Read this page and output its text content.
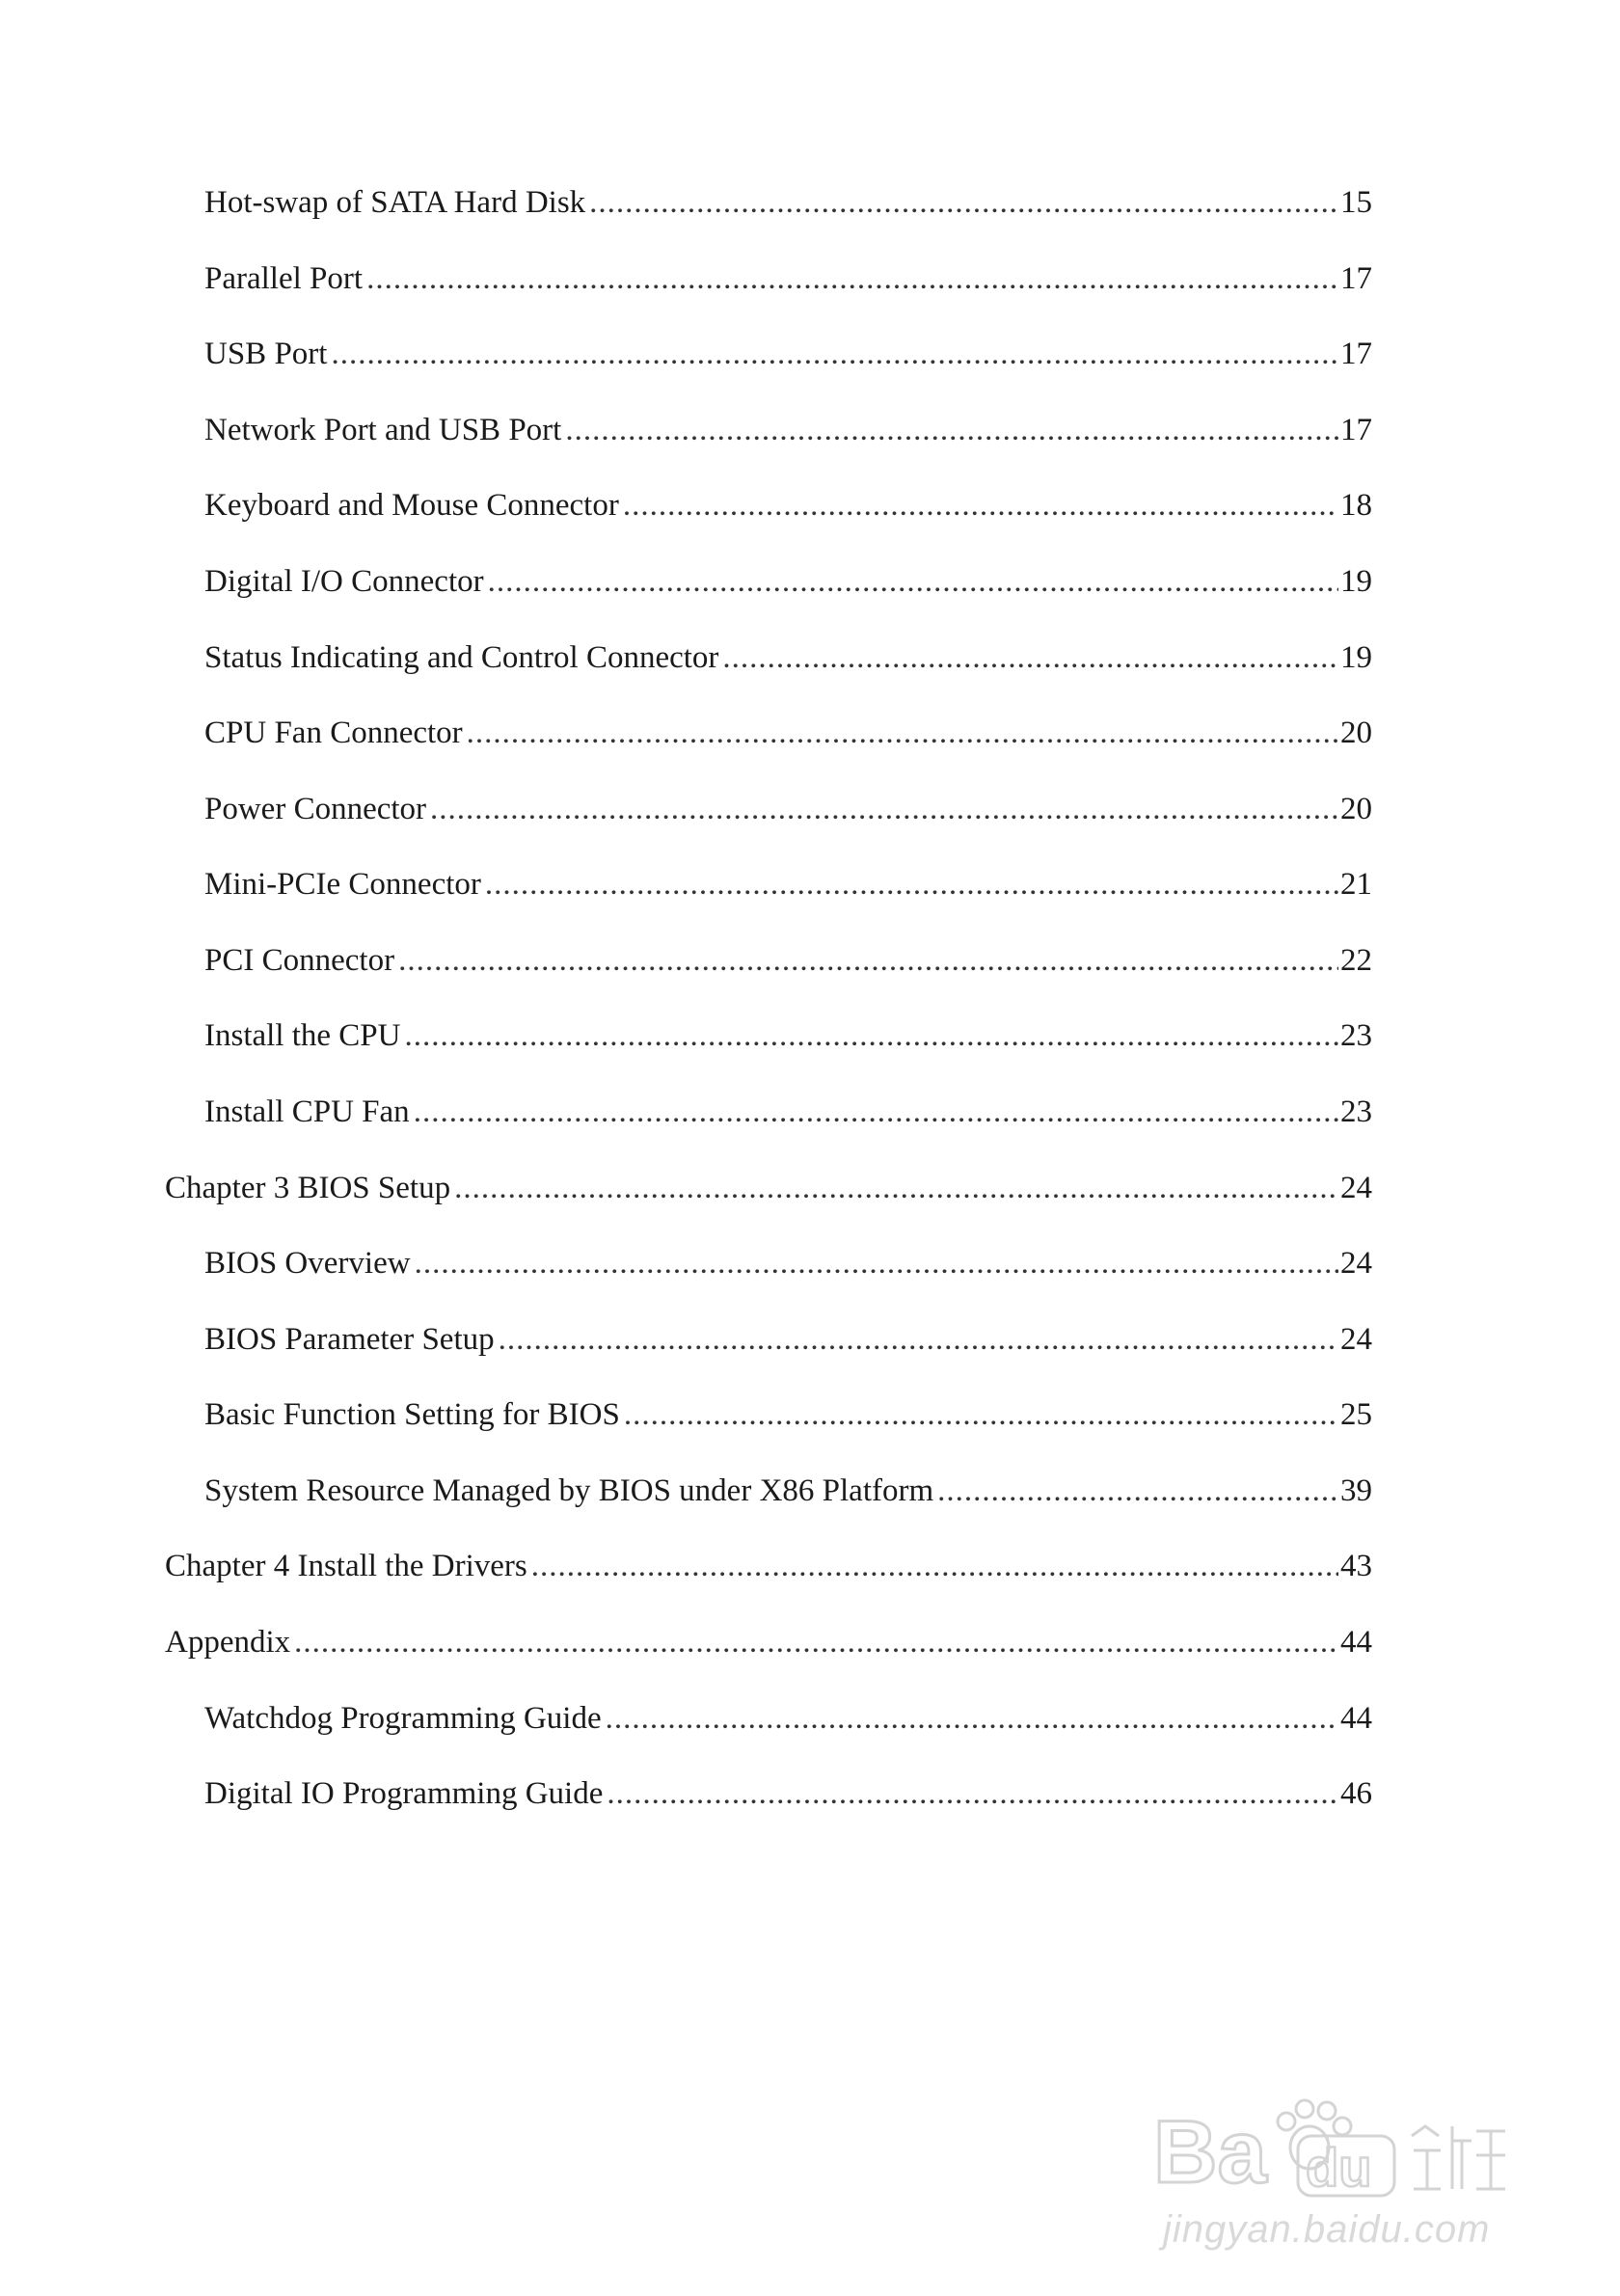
Hot-swap of SATA Hard Disk .....	15
Parallel Port .....	17
USB Port .....	17
Network Port and USB Port .....	17
Keyboard and Mouse Connector .....	18
Digital I/O Connector .....	19
Status Indicating and Control Connector .....	19
CPU Fan Connector .....	20
Power Connector .....	20
Mini-PCIe Connector .....	21
PCI Connector .....	22
Install the CPU .....	23
Install CPU Fan .....	23
Chapter 3 BIOS Setup .....	24
BIOS Overview .....	24
BIOS Parameter Setup .....	24
Basic Function Setting for BIOS .....	25
System Resource Managed by BIOS under X86 Platform .....	39
Chapter 4 Install the Drivers .....	43
Appendix .....	44
Watchdog Programming Guide .....	44
Digital IO Programming Guide .....	46
Ba du
jingyan.baidu.com
